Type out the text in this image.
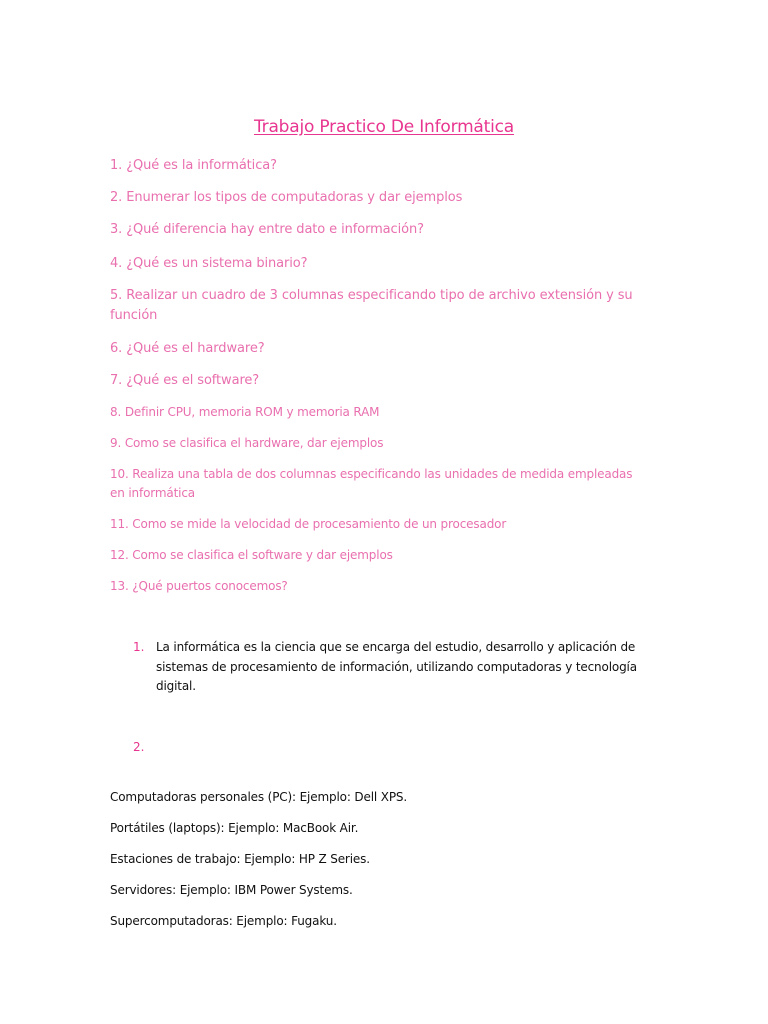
Trabajo Practico De Informática
1. ¿Qué es la informática?
2. Enumerar los tipos de computadoras y dar ejemplos
3. ¿Qué diferencia hay entre dato e información?
4. ¿Qué es un sistema binario?
5. Realizar un cuadro de 3 columnas especificando tipo de archivo extensión y su función
6. ¿Qué es el hardware?
7. ¿Qué es el software?
8. Definir CPU, memoria ROM y memoria RAM
9. Como se clasifica el hardware, dar ejemplos
10. Realiza una tabla de dos columnas especificando las unidades de medida empleadas en informática
11. Como se mide la velocidad de procesamiento de un procesador
12. Como se clasifica el software y dar ejemplos
13. ¿Qué puertos conocemos?
1. La informática es la ciencia que se encarga del estudio, desarrollo y aplicación de sistemas de procesamiento de información, utilizando computadoras y tecnología digital.
2.
Computadoras personales (PC): Ejemplo: Dell XPS.
Portátiles (laptops): Ejemplo: MacBook Air.
Estaciones de trabajo: Ejemplo: HP Z Series.
Servidores: Ejemplo: IBM Power Systems.
Supercomputadoras: Ejemplo: Fugaku.
